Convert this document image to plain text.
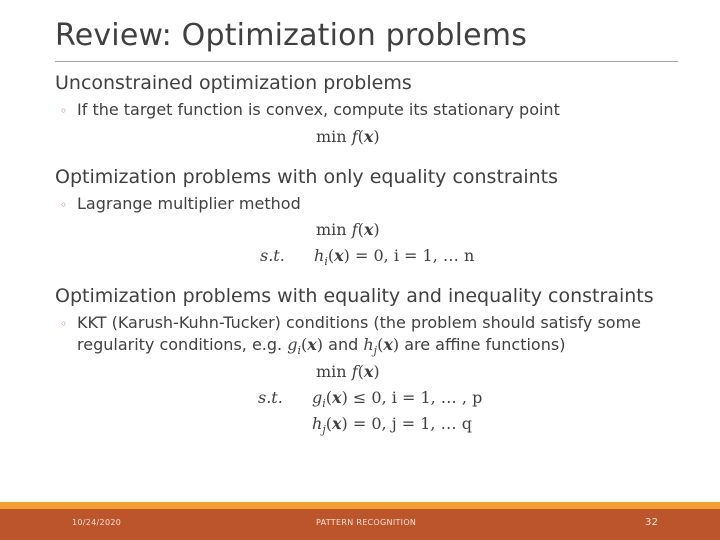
Review: Optimization problems
Unconstrained optimization problems
◦ If the target function is convex, compute its stationary point
min f(x)
Optimization problems with only equality constraints
◦ Lagrange multiplier method
min f(x)
s.t. $h_i(x) = 0$, i = 1, … n
Optimization problems with equality and inequality constraints
◦ KKT (Karush-Kuhn-Tucker) conditions (the problem should satisfy some
regularity conditions, e.g. $g_i(x)$ and $h_j(x)$ are affine functions)
min f(x)
s.t. $g_i(x) \le 0$, i = 1, … , p
$h_j(x) = 0$, j = 1, … q
10/24/2020	PATTERN RECOGNITION	32
